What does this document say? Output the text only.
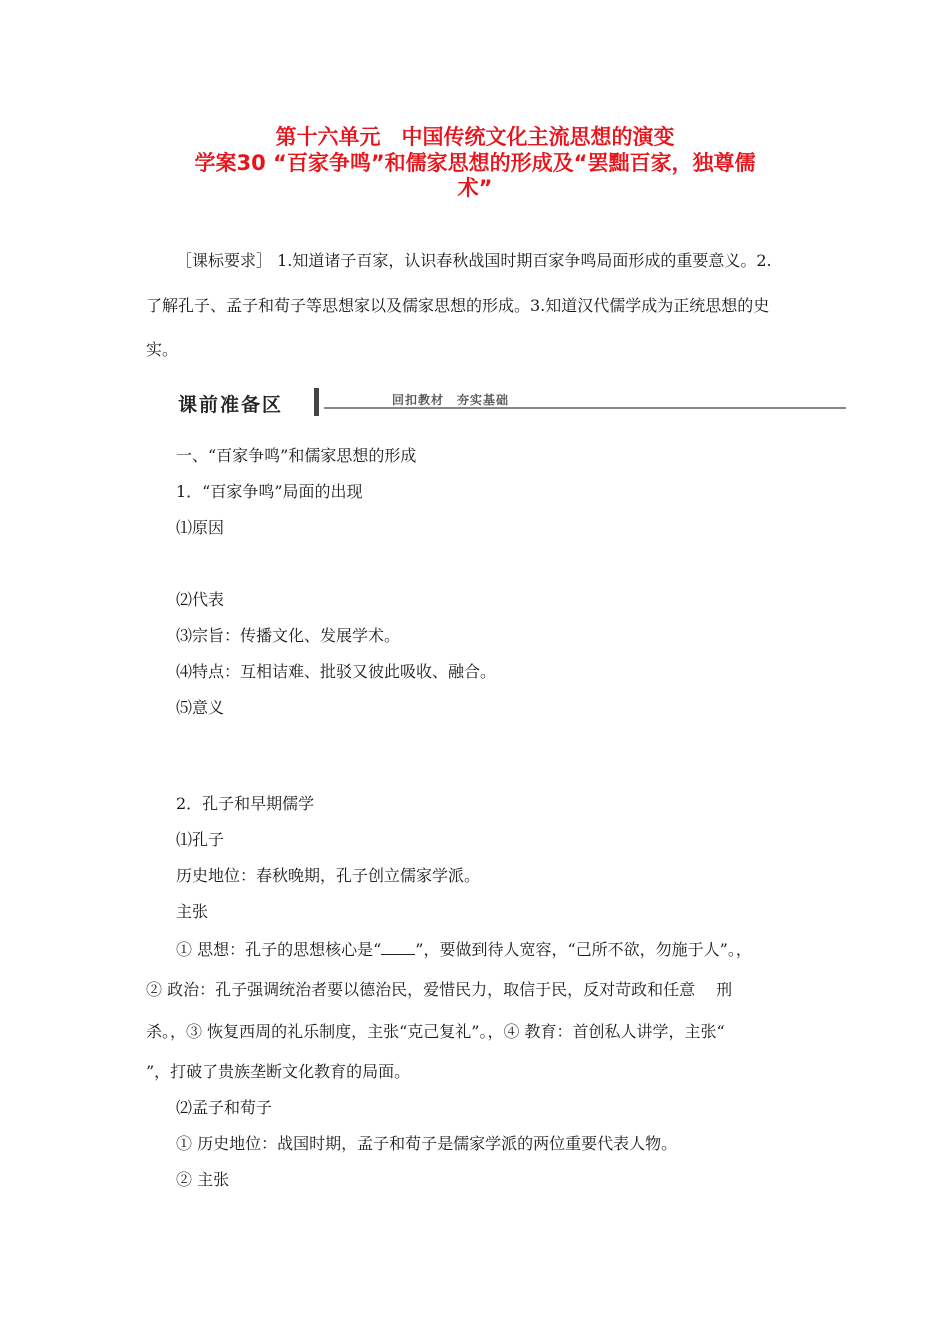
第十六单元　中国传统文化主流思想的演变
学案30 “百家争鸣”和儒家思想的形成及“罢黜百家，独尊儒
术”
［课标要求］ 1.知道诸子百家，认识春秋战国时期百家争鸣局面形成的重要意义。2.
了解孔子、孟子和荀子等思想家以及儒家思想的形成。3.知道汉代儒学成为正统思想的史
实。
课前准备区	回扣教材　夯实基础
一、“百家争鸣”和儒家思想的形成
1．“百家争鸣”局面的出现
⑴原因
⑵代表
⑶宗旨：传播文化、发展学术。
⑷特点：互相诘难、批驳又彼此吸收、融合。
⑸意义
2．孔子和早期儒学
⑴孔子
历史地位：春秋晚期，孔子创立儒家学派。
主张
① 思想：孔子的思想核心是“ ”，要做到待人宽容，“己所不欲，勿施于人”。，
② 政治：孔子强调统治者要以德治民，爱惜民力，取信于民，反对苛政和任意　 刑
杀。，③ 恢复西周的礼乐制度，主张“克己复礼”。，④ 教育：首创私人讲学，主张“
”，打破了贵族垄断文化教育的局面。
⑵孟子和荀子
① 历史地位：战国时期，孟子和荀子是儒家学派的两位重要代表人物。
② 主张
